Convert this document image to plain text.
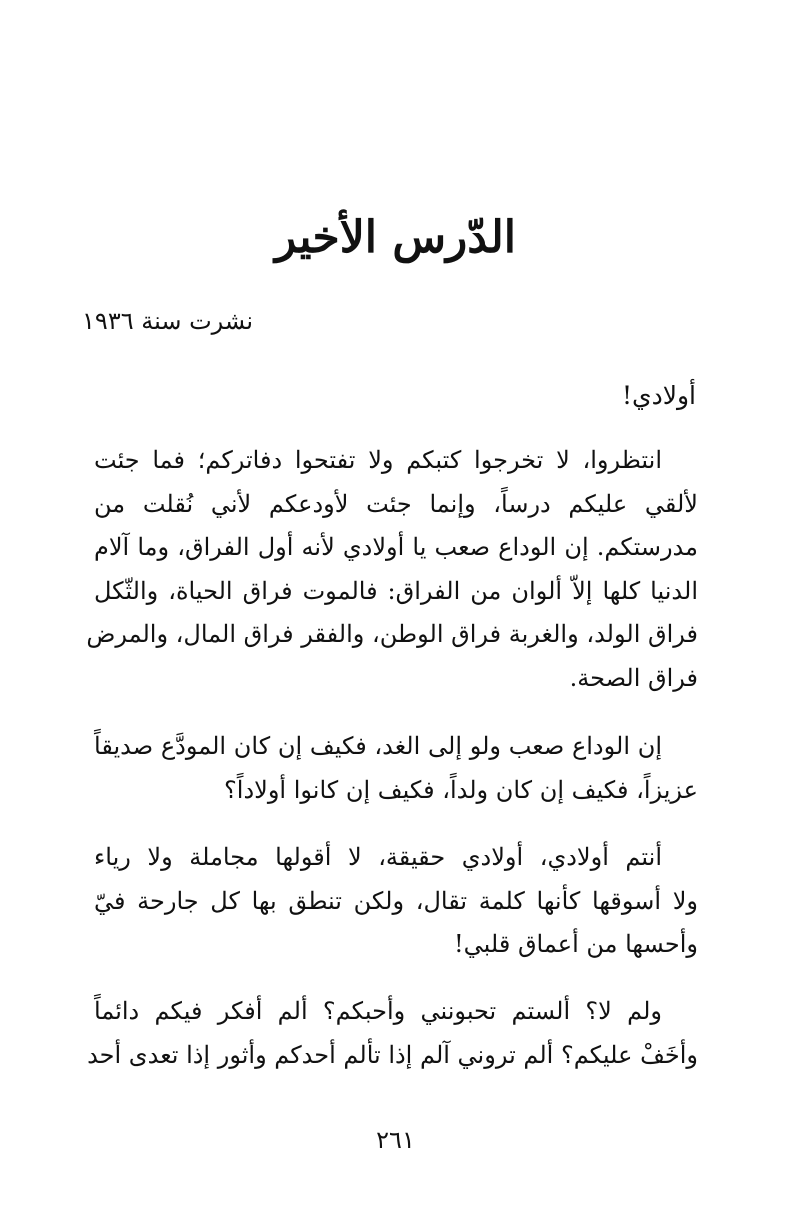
الدّرس الأخير

نشرت سنة ١٩٣٦

أولادي!

انتظروا، لا تخرجوا كتبكم ولا تفتحوا دفاتركم؛ فما جئت
لألقي عليكم درساً، وإنما جئت لأودعكم لأني نُقلت من
مدرستكم. إن الوداع صعب يا أولادي لأنه أول الفراق، وما آلام
الدنيا كلها إلاّ ألوان من الفراق: فالموت فراق الحياة، والثّكل
فراق الولد، والغربة فراق الوطن، والفقر فراق المال، والمرض
فراق الصحة.

إن الوداع صعب ولو إلى الغد، فكيف إن كان المودَّع صديقاً
عزيزاً، فكيف إن كان ولداً، فكيف إن كانوا أولاداً؟

أنتم أولادي، أولادي حقيقة، لا أقولها مجاملة ولا رياء
ولا أسوقها كأنها كلمة تقال، ولكن تنطق بها كل جارحة فيّ
وأحسها من أعماق قلبي!

ولم لا؟ ألستم تحبونني وأحبكم؟ ألم أفكر فيكم دائماً
وأخَفْ عليكم؟ ألم تروني آلم إذا تألم أحدكم وأثور إذا تعدى أحد

٢٦١
